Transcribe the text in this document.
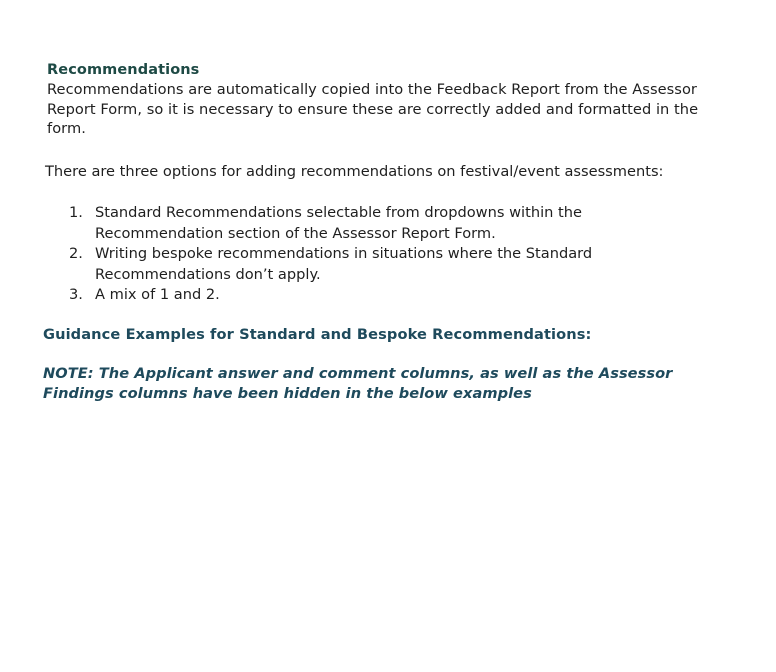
Recommendations

Recommendations are automatically copied into the Feedback Report from the Assessor Report Form, so it is necessary to ensure these are correctly added and formatted in the form.

There are three options for adding recommendations on festival/event assessments:

1. Standard Recommendations selectable from dropdowns within the Recommendation section of the Assessor Report Form.
2. Writing bespoke recommendations in situations where the Standard Recommendations don’t apply.
3. A mix of 1 and 2.
Guidance Examples for Standard and Bespoke Recommendations:

NOTE: The Applicant answer and comment columns, as well as the Assessor Findings columns have been hidden in the below examples
